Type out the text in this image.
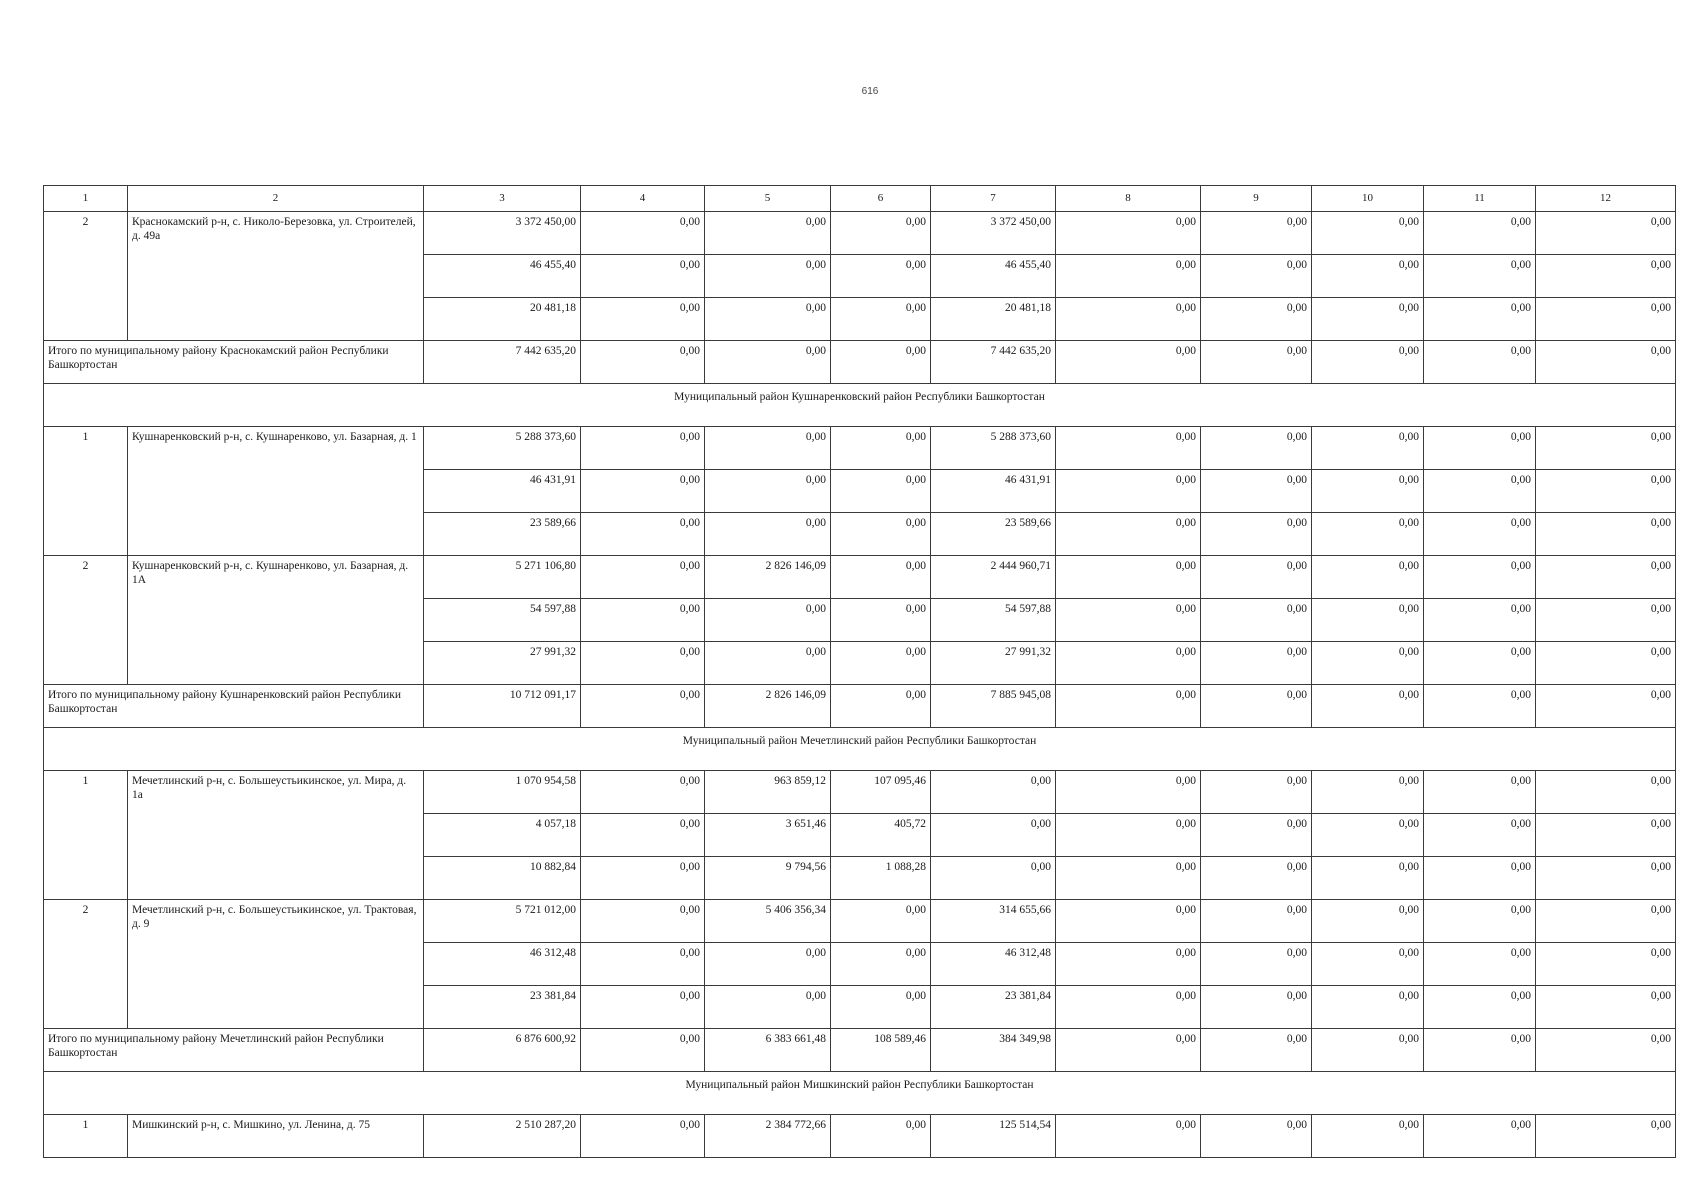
616
1	2	3	4	5	6	7	8	9	10	11	12
2	Краснокамский р-н, с. Николо-Березовка, ул. Строителей, д. 49а	3 372 450,00	0,00	0,00	0,00	3 372 450,00	0,00	0,00	0,00	0,00	0,00
		46 455,40	0,00	0,00	0,00	46 455,40	0,00	0,00	0,00	0,00	0,00
		20 481,18	0,00	0,00	0,00	20 481,18	0,00	0,00	0,00	0,00	0,00
Итого по муниципальному району Краснокамский район Республики Башкортостан		7 442 635,20	0,00	0,00	0,00	7 442 635,20	0,00	0,00	0,00	0,00	0,00
Муниципальный район Кушнаренковский район Республики Башкортостан											
1	Кушнаренковский р-н, с. Кушнаренково, ул. Базарная, д. 1	5 288 373,60	0,00	0,00	0,00	5 288 373,60	0,00	0,00	0,00	0,00	0,00
		46 431,91	0,00	0,00	0,00	46 431,91	0,00	0,00	0,00	0,00	0,00
		23 589,66	0,00	0,00	0,00	23 589,66	0,00	0,00	0,00	0,00	0,00
2	Кушнаренковский р-н, с. Кушнаренково, ул. Базарная, д. 1А	5 271 106,80	0,00	2 826 146,09	0,00	2 444 960,71	0,00	0,00	0,00	0,00	0,00
		54 597,88	0,00	0,00	0,00	54 597,88	0,00	0,00	0,00	0,00	0,00
		27 991,32	0,00	0,00	0,00	27 991,32	0,00	0,00	0,00	0,00	0,00
Итого по муниципальному району Кушнаренковский район Республики Башкортостан		10 712 091,17	0,00	2 826 146,09	0,00	7 885 945,08	0,00	0,00	0,00	0,00	0,00
Муниципальный район Мечетлинский район Республики Башкортостан											
1	Мечетлинский р-н, с. Большеустьикинское, ул. Мира, д. 1а	1 070 954,58	0,00	963 859,12	107 095,46	0,00	0,00	0,00	0,00	0,00	0,00
		4 057,18	0,00	3 651,46	405,72	0,00	0,00	0,00	0,00	0,00	0,00
		10 882,84	0,00	9 794,56	1 088,28	0,00	0,00	0,00	0,00	0,00	0,00
2	Мечетлинский р-н, с. Большеустьикинское, ул. Трактовая, д. 9	5 721 012,00	0,00	5 406 356,34	0,00	314 655,66	0,00	0,00	0,00	0,00	0,00
		46 312,48	0,00	0,00	0,00	46 312,48	0,00	0,00	0,00	0,00	0,00
		23 381,84	0,00	0,00	0,00	23 381,84	0,00	0,00	0,00	0,00	0,00
Итого по муниципальному району Мечетлинский район Республики Башкортостан		6 876 600,92	0,00	6 383 661,48	108 589,46	384 349,98	0,00	0,00	0,00	0,00	0,00
Муниципальный район Мишкинский район Республики Башкортостан											
1	Мишкинский р-н, с. Мишкино, ул. Ленина, д. 75	2 510 287,20	0,00	2 384 772,66	0,00	125 514,54	0,00	0,00	0,00	0,00	0,00
